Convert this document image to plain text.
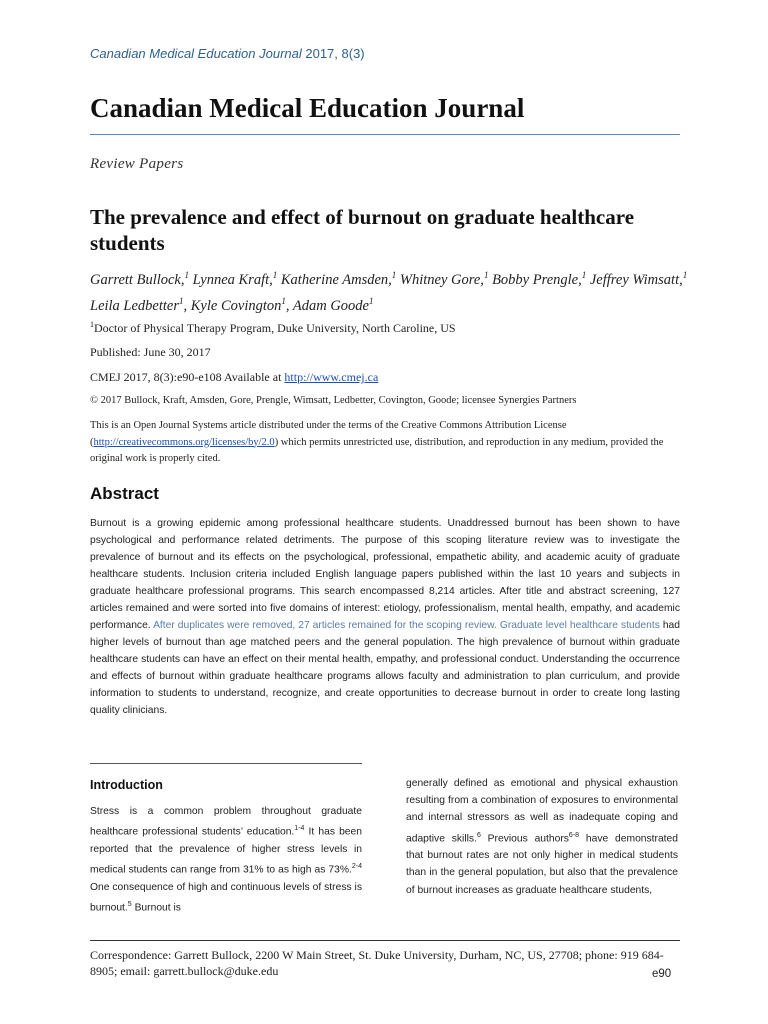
Canadian Medical Education Journal 2017, 8(3)
Canadian Medical Education Journal
Review Papers
The prevalence and effect of burnout on graduate healthcare students
Garrett Bullock,$^1$ Lynnea Kraft,$^1$ Katherine Amsden,$^1$ Whitney Gore,$^1$ Bobby Prengle,$^1$ Jeffrey Wimsatt,$^1$ Leila Ledbetter$^1$, Kyle Covington$^1$, Adam Goode$^1$
$^1$Doctor of Physical Therapy Program, Duke University, North Caroline, US
Published: June 30, 2017
CMEJ 2017, 8(3):e90-e108 Available at http://www.cmej.ca
© 2017 Bullock, Kraft, Amsden, Gore, Prengle, Wimsatt, Ledbetter, Covington, Goode; licensee Synergies Partners
This is an Open Journal Systems article distributed under the terms of the Creative Commons Attribution License (http://creativecommons.org/licenses/by/2.0) which permits unrestricted use, distribution, and reproduction in any medium, provided the original work is properly cited.
Abstract
Burnout is a growing epidemic among professional healthcare students. Unaddressed burnout has been shown to have psychological and performance related detriments. The purpose of this scoping literature review was to investigate the prevalence of burnout and its effects on the psychological, professional, empathetic ability, and academic acuity of graduate healthcare students. Inclusion criteria included English language papers published within the last 10 years and subjects in graduate healthcare professional programs. This search encompassed 8,214 articles. After title and abstract screening, 127 articles remained and were sorted into five domains of interest: etiology, professionalism, mental health, empathy, and academic performance. After duplicates were removed, 27 articles remained for the scoping review. Graduate level healthcare students had higher levels of burnout than age matched peers and the general population. The high prevalence of burnout within graduate healthcare students can have an effect on their mental health, empathy, and professional conduct. Understanding the occurrence and effects of burnout within graduate healthcare programs allows faculty and administration to plan curriculum, and provide information to students to understand, recognize, and create opportunities to decrease burnout in order to create long lasting quality clinicians.
Introduction
Stress is a common problem throughout graduate healthcare professional students’ education.$^{1-4}$ It has been reported that the prevalence of higher stress levels in medical students can range from 31% to as high as 73%.$^{2-4}$ One consequence of high and continuous levels of stress is burnout.$^5$ Burnout is
generally defined as emotional and physical exhaustion resulting from a combination of exposures to environmental and internal stressors as well as inadequate coping and adaptive skills.$^6$ Previous authors$^{6-8}$ have demonstrated that burnout rates are not only higher in medical students than in the general population, but also that the prevalence of burnout increases as graduate healthcare students,
Correspondence: Garrett Bullock, 2200 W Main Street, St. Duke University, Durham, NC, US, 27708; phone: 919 684-8905; email: garrett.bullock@duke.edu	e90
